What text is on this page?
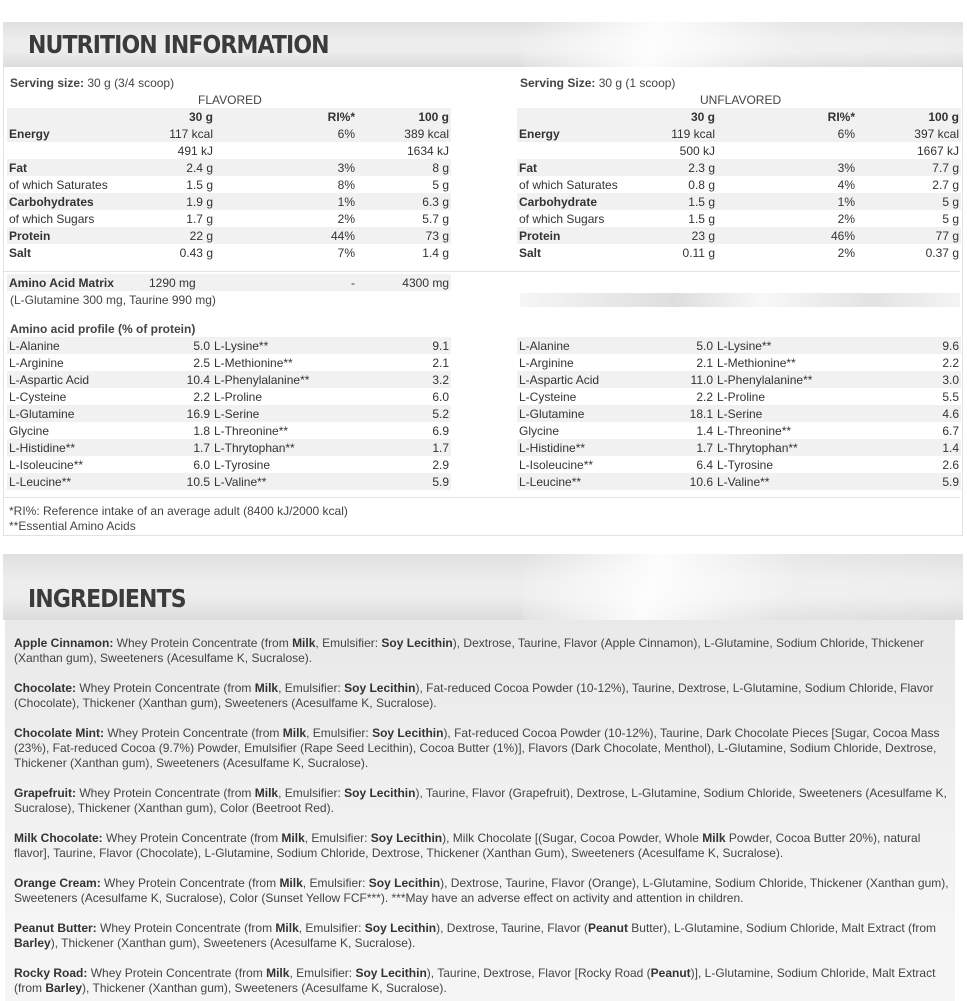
NUTRITION INFORMATION
Serving size: 30 g (3/4 scoop)
FLAVORED
	30 g	RI%*	100 g
Energy	117 kcal	6%	389 kcal
	491 kJ		1634 kJ
Fat	2.4 g	3%	8 g
of which Saturates	1.5 g	8%	5 g
Carbohydrates	1.9 g	1%	6.3 g
of which Sugars	1.7 g	2%	5.7 g
Protein	22 g	44%	73 g
Salt	0.43 g	7%	1.4 g
Serving Size: 30 g (1 scoop)
UNFLAVORED
	30 g	RI%*	100 g
Energy	119 kcal	6%	397 kcal
	500 kJ		1667 kJ
Fat	2.3 g	3%	7.7 g
of which Saturates	0.8 g	4%	2.7 g
Carbohydrate	1.5 g	1%	5 g
of which Sugars	1.5 g	2%	5 g
Protein	23 g	46%	77 g
Salt	0.11 g	2%	0.37 g
Amino Acid Matrix	1290 mg	-	4300 mg
(L-Glutamine 300 mg, Taurine 990 mg)
Amino acid profile (% of protein)
L-Alanine	5.0	L-Lysine**	9.1
L-Arginine	2.5	L-Methionine**	2.1
L-Aspartic Acid	10.4	L-Phenylalanine**	3.2
L-Cysteine	2.2	L-Proline	6.0
L-Glutamine	16.9	L-Serine	5.2
Glycine	1.8	L-Threonine**	6.9
L-Histidine**	1.7	L-Thrytophan**	1.7
L-Isoleucine**	6.0	L-Tyrosine	2.9
L-Leucine**	10.5	L-Valine**	5.9
L-Alanine	5.0	L-Lysine**	9.6
L-Arginine	2.1	L-Methionine**	2.2
L-Aspartic Acid	11.0	L-Phenylalanine**	3.0
L-Cysteine	2.2	L-Proline	5.5
L-Glutamine	18.1	L-Serine	4.6
Glycine	1.4	L-Threonine**	6.7
L-Histidine**	1.7	L-Thrytophan**	1.4
L-Isoleucine**	6.4	L-Tyrosine	2.6
L-Leucine**	10.6	L-Valine**	5.9
*RI%: Reference intake of an average adult (8400 kJ/2000 kcal)
**Essential Amino Acids
INGREDIENTS
Apple Cinnamon: Whey Protein Concentrate (from Milk, Emulsifier: Soy Lecithin), Dextrose, Taurine, Flavor (Apple Cinnamon), L-Glutamine, Sodium Chloride, Thickener (Xanthan gum), Sweeteners (Acesulfame K, Sucralose).
Chocolate: Whey Protein Concentrate (from Milk, Emulsifier: Soy Lecithin), Fat-reduced Cocoa Powder (10-12%), Taurine, Dextrose, L-Glutamine, Sodium Chloride, Flavor (Chocolate), Thickener (Xanthan gum), Sweeteners (Acesulfame K, Sucralose).
Chocolate Mint: Whey Protein Concentrate (from Milk, Emulsifier: Soy Lecithin), Fat-reduced Cocoa Powder (10-12%), Taurine, Dark Chocolate Pieces [Sugar, Cocoa Mass (23%), Fat-reduced Cocoa (9.7%) Powder, Emulsifier (Rape Seed Lecithin), Cocoa Butter (1%)], Flavors (Dark Chocolate, Menthol), L-Glutamine, Sodium Chloride, Dextrose, Thickener (Xanthan gum), Sweeteners (Acesulfame K, Sucralose).
Grapefruit: Whey Protein Concentrate (from Milk, Emulsifier: Soy Lecithin), Taurine, Flavor (Grapefruit), Dextrose, L-Glutamine, Sodium Chloride, Sweeteners (Acesulfame K, Sucralose), Thickener (Xanthan gum), Color (Beetroot Red).
Milk Chocolate: Whey Protein Concentrate (from Milk, Emulsifier: Soy Lecithin), Milk Chocolate [(Sugar, Cocoa Powder, Whole Milk Powder, Cocoa Butter 20%), natural flavor], Taurine, Flavor (Chocolate), L-Glutamine, Sodium Chloride, Dextrose, Thickener (Xanthan Gum), Sweeteners (Acesulfame K, Sucralose).
Orange Cream: Whey Protein Concentrate (from Milk, Emulsifier: Soy Lecithin), Dextrose, Taurine, Flavor (Orange), L-Glutamine, Sodium Chloride, Thickener (Xanthan gum), Sweeteners (Acesulfame K, Sucralose), Color (Sunset Yellow FCF***). ***May have an adverse effect on activity and attention in children.
Peanut Butter: Whey Protein Concentrate (from Milk, Emulsifier: Soy Lecithin), Dextrose, Taurine, Flavor (Peanut Butter), L-Glutamine, Sodium Chloride, Malt Extract (from Barley), Thickener (Xanthan gum), Sweeteners (Acesulfame K, Sucralose).
Rocky Road: Whey Protein Concentrate (from Milk, Emulsifier: Soy Lecithin), Taurine, Dextrose, Flavor [Rocky Road (Peanut)], L-Glutamine, Sodium Chloride, Malt Extract (from Barley), Thickener (Xanthan gum), Sweeteners (Acesulfame K, Sucralose).
